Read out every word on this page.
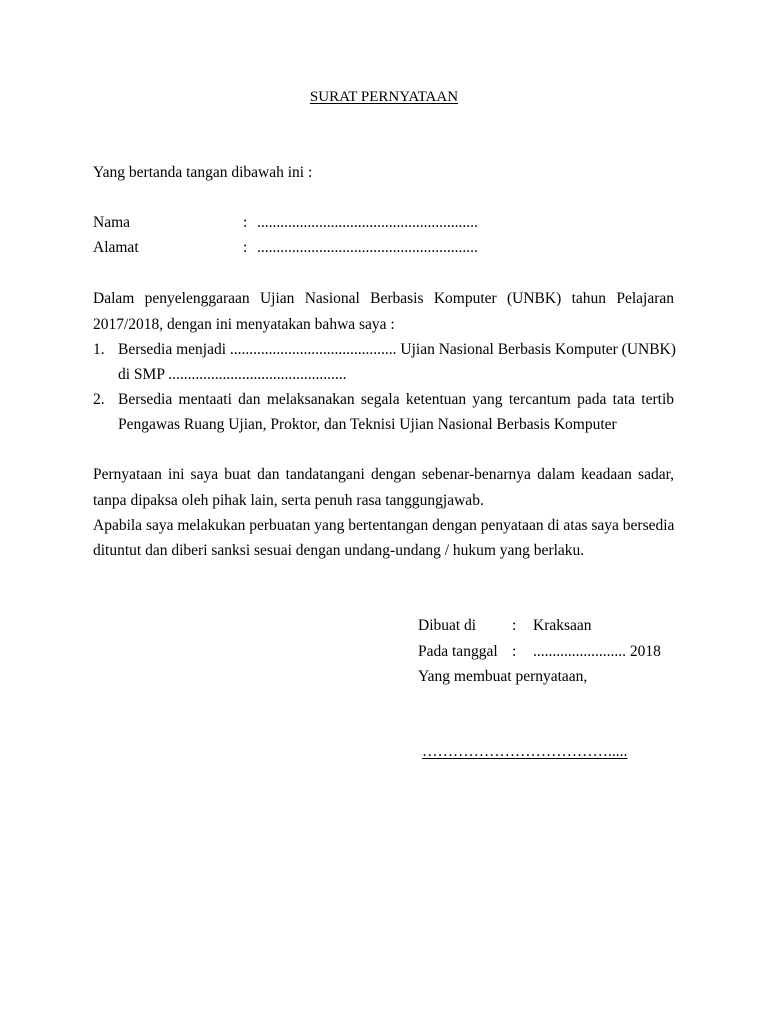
SURAT PERNYATAAN
Yang bertanda tangan dibawah ini :
Nama	: .........................................................
Alamat	: .........................................................
Dalam penyelenggaraan Ujian Nasional Berbasis Komputer (UNBK) tahun Pelajaran
2017/2018, dengan ini menyatakan bahwa saya :
1. Bersedia menjadi ........................................... Ujian Nasional Berbasis Komputer (UNBK)
di SMP ..............................................
2. Bersedia mentaati dan melaksanakan segala ketentuan yang tercantum pada tata tertib
Pengawas Ruang Ujian, Proktor, dan Teknisi Ujian Nasional Berbasis Komputer
Pernyataan ini saya buat dan tandatangani dengan sebenar-benarnya dalam keadaan sadar,
tanpa dipaksa oleh pihak lain, serta penuh rasa tanggungjawab.
Apabila saya melakukan perbuatan yang bertentangan dengan penyataan di atas saya bersedia
dituntut dan diberi sanksi sesuai dengan undang-undang / hukum yang berlaku.
Dibuat di : Kraksaan
Pada tanggal : ........................ 2018
Yang membuat pernyataan,
……………………………….....
